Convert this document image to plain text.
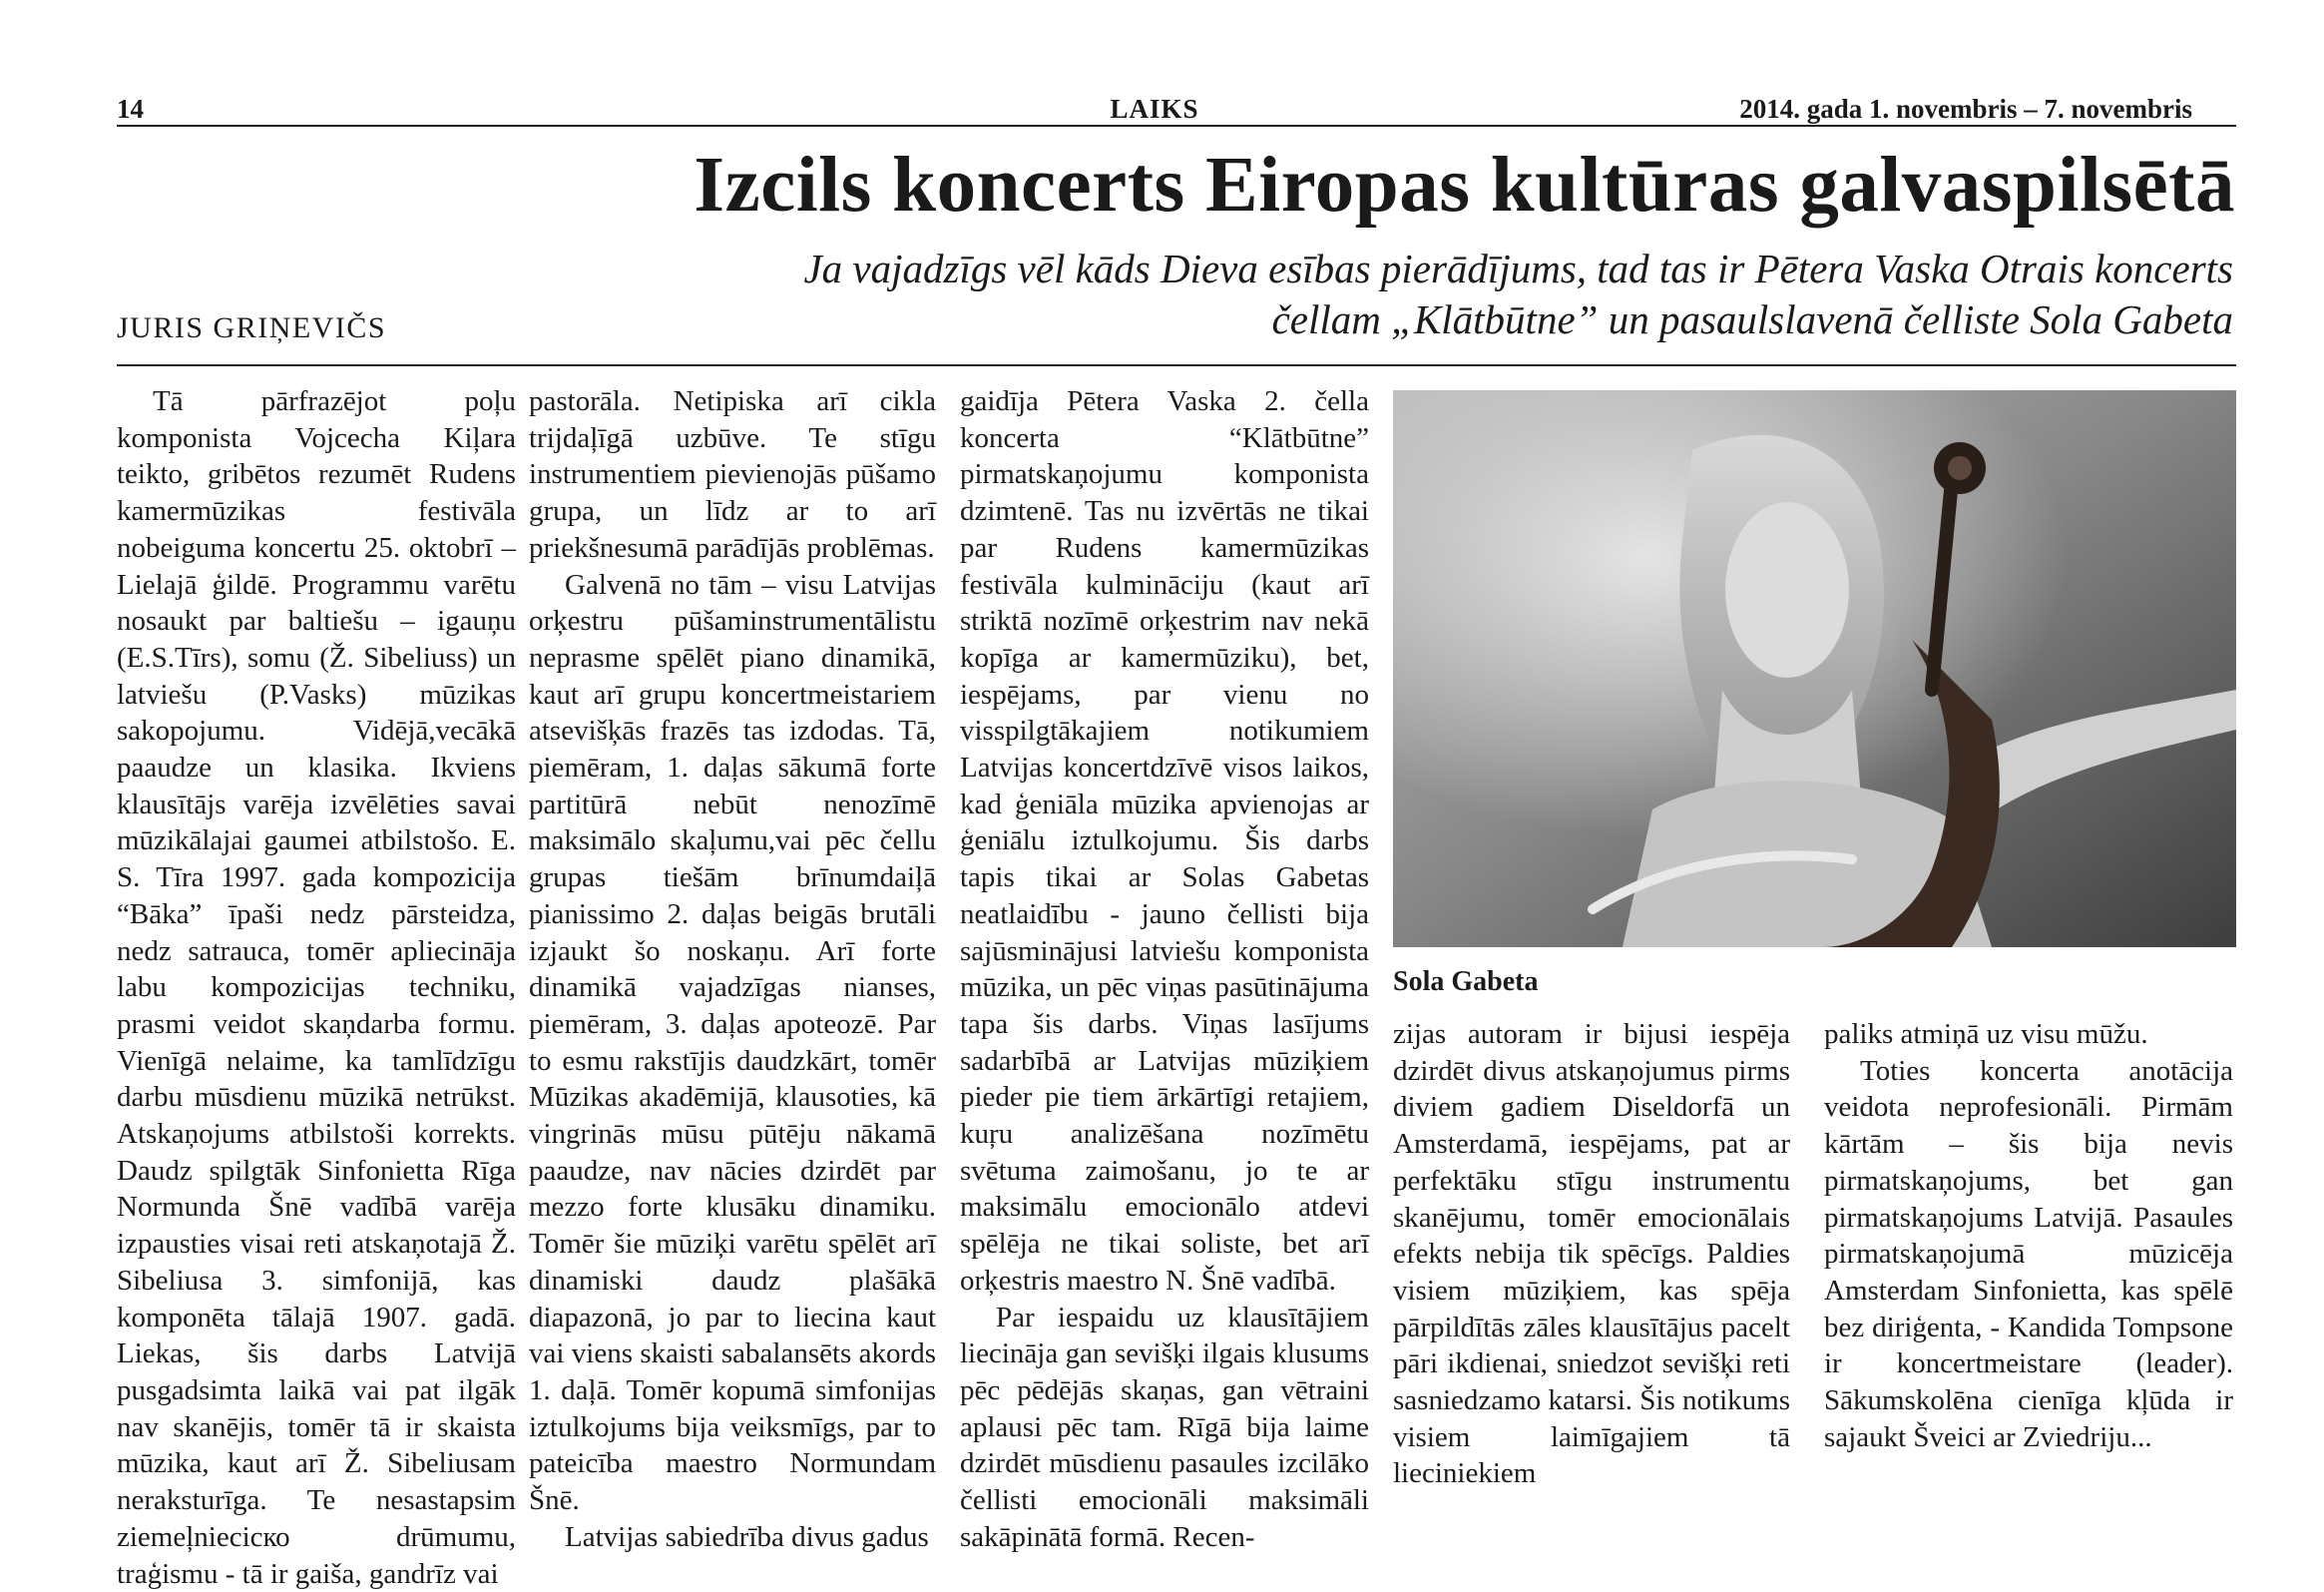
14	LAIKS	2014. gada 1. novembris – 7. novembris
Izcils koncerts Eiropas kultūras galvaspilsētā
Ja vajadzīgs vēl kāds Dieva esības pierādījums, tad tas ir Pētera Vaska Otrais koncerts
čellam „Klātbūtne” un pasaulslavenā čelliste Sola Gabeta
JURIS GRIŅEVIČS

Tā pārfrazējot poļu komponista Vojcecha Kiļara teikto, gribētos rezumēt Rudens kamermūzikas festivāla nobeiguma koncertu 25. oktobrī – Lielajā ģildē. Programmu varētu nosaukt par baltiešu – igauņu (E.S.Tīrs), somu (Ž. Sibeliuss) un latviešu (P.Vasks) mūzikas sakopojumu. Vidējā,vecākā paaudze un klasika. Ikviens klausītājs varēja izvēlēties savai mūzikālajai gaumei atbilstošo. E. S. Tīra 1997. gada kompozicija “Bāka” īpaši nedz pārsteidza, nedz satrauca, tomēr apliecināja labu kompozicijas techniku, prasmi veidot skaņdarba formu. Vienīgā nelaime, ka tamlīdzīgu darbu mūsdienu mūzikā netrūkst. Atskaņojums atbilstoši korrekts. Daudz spilgtāk Sinfonietta Rīga Normunda Šnē vadībā varēja izpausties visai reti atskaņotajā Ž. Sibeliusa 3. simfonijā, kas komponēta tālajā 1907. gadā. Liekas, šis darbs Latvijā pusgadsimta laikā vai pat ilgāk nav skanējis, tomēr tā ir skaista mūzika, kaut arī Ž. Sibeliusam neraksturīga. Te nesastapsim ziemeļnieciско drūmumu, traģismu - tā ir gaiša, gandrīz vai

pastorāla. Netipiska arī cikla trijdaļīgā uzbūve. Te stīgu instrumentiem pievienojās pūšamo grupa, un līdz ar to arī priekšnesumā parādījās problēmas.

Galvenā no tām – visu Latvijas orķestru pūšaminstrumentālistu neprasme spēlēt piano dinamikā, kaut arī grupu koncertmeistariem atsevišķās frazēs tas izdodas. Tā, piemēram, 1. daļas sākumā forte partitūrā nebūt nenozīmē maksimālo skaļumu,vai pēc čellu grupas tiešām brīnumdaiļā pianissimo 2. daļas beigās brutāli izjaukt šo noskaņu. Arī forte dinamikā vajadzīgas nianses, piemēram, 3. daļas apoteozē. Par to esmu rakstījis daudzkārt, tomēr Mūzikas akadēmijā, klausoties, kā vingrinās mūsu pūtēju nākamā paaudze, nav nācies dzirdēt par mezzo forte klusāku dinamiku. Tomēr šie mūziķi varētu spēlēt arī dinamiski daudz plašākā diapazonā, jo par to liecina kaut vai viens skaisti sabalansēts akords 1. daļā. Tomēr kopumā simfonijas iztulkojums bija veiksmīgs, par to pateicība maestro Normundam Šnē.

Latvijas sabiedrība divus gadus

gaidīja Pētera Vaska 2. čella koncerta “Klātbūtne” pirmatskaņojumu komponista dzimtenē. Tas nu izvērtās ne tikai par Rudens kamermūzikas festivāla kulmināciju (kaut arī striktā nozīmē orķestrim nav nekā kopīga ar kamermūziku), bet, iespējams, par vienu no visspilgtākajiem notikumiem Latvijas koncertdzīvē visos laikos, kad ģeniāla mūzika apvienojas ar ģeniālu iztulkojumu. Šis darbs tapis tikai ar Solas Gabetas neatlaidību - jauno čellisti bija sajūsminājusi latviešu komponista mūzika, un pēc viņas pasūtinājuma tapa šis darbs. Viņas lasījums sadarbībā ar Latvijas mūziķiem pieder pie tiem ārkārtīgi retajiem, kuŗu analizēšana nozīmētu svētuma zaimošanu, jo te ar maksimālu emocionālo atdevi spēlēja ne tikai soliste, bet arī orķestris maestro N. Šnē vadībā.

Par iespaidu uz klausītājiem liecināja gan sevišķi ilgais klusums pēc pēdējās skaņas, gan vētraini aplausi pēc tam. Rīgā bija laime dzirdēt mūsdienu pasaules izcilāko čellisti emocionāli maksimāli sakāpinātā formā. Recen-

Sola Gabeta

zijas autoram ir bijusi iespēja dzirdēt divus atskaņojumus pirms diviem gadiem Diseldorfā un Amsterdamā, iespējams, pat ar perfektāku stīgu instrumentu skanējumu, tomēr emocionālais efekts nebija tik spēcīgs. Paldies visiem mūziķiem, kas spēja pārpildītās zāles klausītājus pacelt pāri ikdienai, sniedzot sevišķi reti sasniedzamo katarsi. Šis notikums visiem laimīgajiem tā lieciniekiem

paliks atmiņā uz visu mūžu.

Toties koncerta anotācija veidota neprofesionāli. Pirmām kārtām – šis bija nevis pirmatskaņojums, bet gan pirmatskaņojums Latvijā. Pasaules pirmatskaņojumā mūzicēja Amsterdam Sinfonietta, kas spēlē bez diriģenta, - Kandida Tompsone ir koncertmeistare (leader). Sākumskolēna cienīga kļūda ir sajaukt Šveici ar Zviedriju...
